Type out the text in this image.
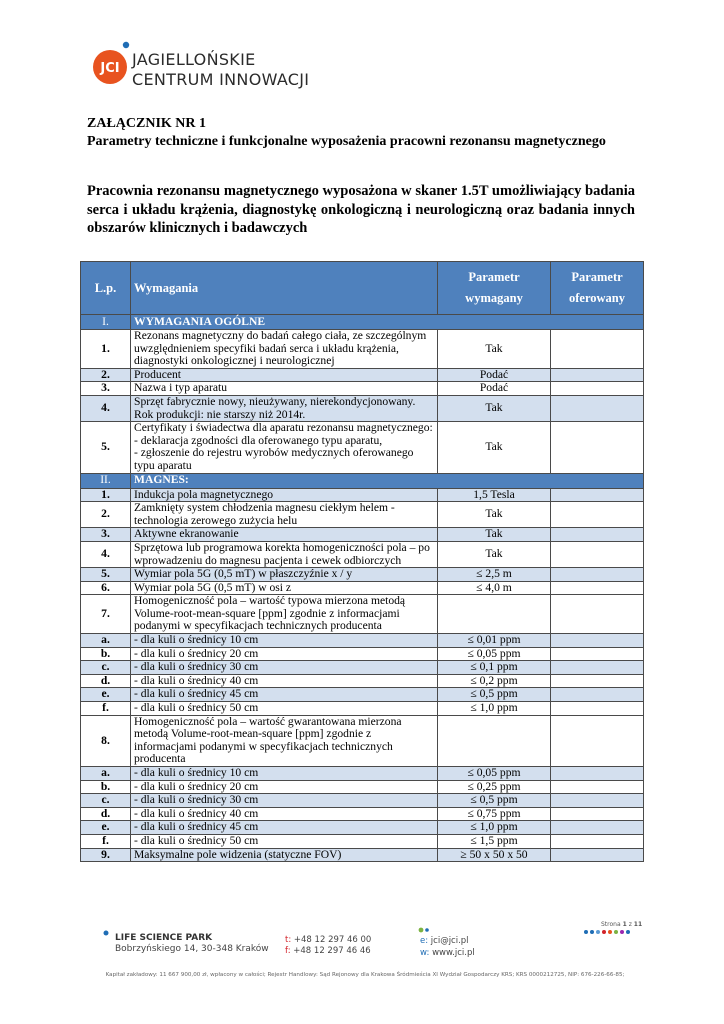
JCI JAGIELLOŃSKIE
CENTRUM INNOWACJI
ZAŁĄCZNIK NR 1
Parametry techniczne i funkcjonalne wyposażenia pracowni rezonansu magnetycznego
Pracownia rezonansu magnetycznego wyposażona w skaner 1.5T umożliwiający badania serca i układu krążenia, diagnostykę onkologiczną i neurologiczną oraz badania innych obszarów klinicznych i badawczych
L.p.	Wymagania	Parametr wymagany	Parametr oferowany
I.	WYMAGANIA OGÓLNE		
1.	Rezonans magnetyczny do badań całego ciała, ze szczególnym uwzględnieniem specyfiki badań serca i układu krążenia, diagnostyki onkologicznej i neurologicznej	Tak	
2.	Producent	Podać	
3.	Nazwa i typ aparatu	Podać	
4.	Sprzęt fabrycznie nowy, nieużywany, nierekondycjonowany. Rok produkcji: nie starszy niż 2014r.	Tak	
5.	Certyfikaty i świadectwa dla aparatu rezonansu magnetycznego:
- deklaracja zgodności dla oferowanego typu aparatu,
- zgłoszenie do rejestru wyrobów medycznych oferowanego typu aparatu	Tak	
II.	MAGNES:		
1.	Indukcja pola magnetycznego	1,5 Tesla	
2.	Zamknięty system chłodzenia magnesu ciekłym helem - technologia zerowego zużycia helu	Tak	
3.	Aktywne ekranowanie	Tak	
4.	Sprzętowa lub programowa korekta homogeniczności pola – po wprowadzeniu do magnesu pacjenta i cewek odbiorczych	Tak	
5.	Wymiar pola 5G (0,5 mT) w płaszczyźnie x / y	≤ 2,5 m	
6.	Wymiar pola 5G (0,5 mT) w osi z	≤ 4,0 m	
7.	Homogeniczność pola – wartość typowa mierzona metodą Volume-root-mean-square [ppm] zgodnie z informacjami podanymi w specyfikacjach technicznych producenta		
a.	- dla kuli o średnicy 10 cm	≤ 0,01 ppm	
b.	- dla kuli o średnicy 20 cm	≤ 0,05 ppm	
c.	- dla kuli o średnicy 30 cm	≤ 0,1 ppm	
d.	- dla kuli o średnicy 40 cm	≤ 0,2 ppm	
e.	- dla kuli o średnicy 45 cm	≤ 0,5 ppm	
f.	- dla kuli o średnicy 50 cm	≤ 1,0 ppm	
8.	Homogeniczność pola – wartość gwarantowana mierzona metodą Volume-root-mean-square [ppm] zgodnie z informacjami podanymi w specyfikacjach technicznych producenta		
a.	- dla kuli o średnicy 10 cm	≤ 0,05 ppm	
b.	- dla kuli o średnicy 20 cm	≤ 0,25 ppm	
c.	- dla kuli o średnicy 30 cm	≤ 0,5 ppm	
d.	- dla kuli o średnicy 40 cm	≤ 0,75 ppm	
e.	- dla kuli o średnicy 45 cm	≤ 1,0 ppm	
f.	- dla kuli o średnicy 50 cm	≤ 1,5 ppm	
9.	Maksymalne pole widzenia (statyczne FOV)	≥ 50 x 50 x 50	
LIFE SCIENCE PARK
Bobrzyńskiego 14, 30-348 Kraków
t: +48 12 297 46 00
f: +48 12 297 46 46
e: jci@jci.pl
w: www.jci.pl
Strona 1 z 11
Kapitał zakładowy: 11 667 900,00 zł, wpłacony w całości; Rejestr Handlowy: Sąd Rejonowy dla Krakowa Śródmieścia XI Wydział Gospodarczy KRS; KRS 0000212725, NIP: 676-226-66-85;
